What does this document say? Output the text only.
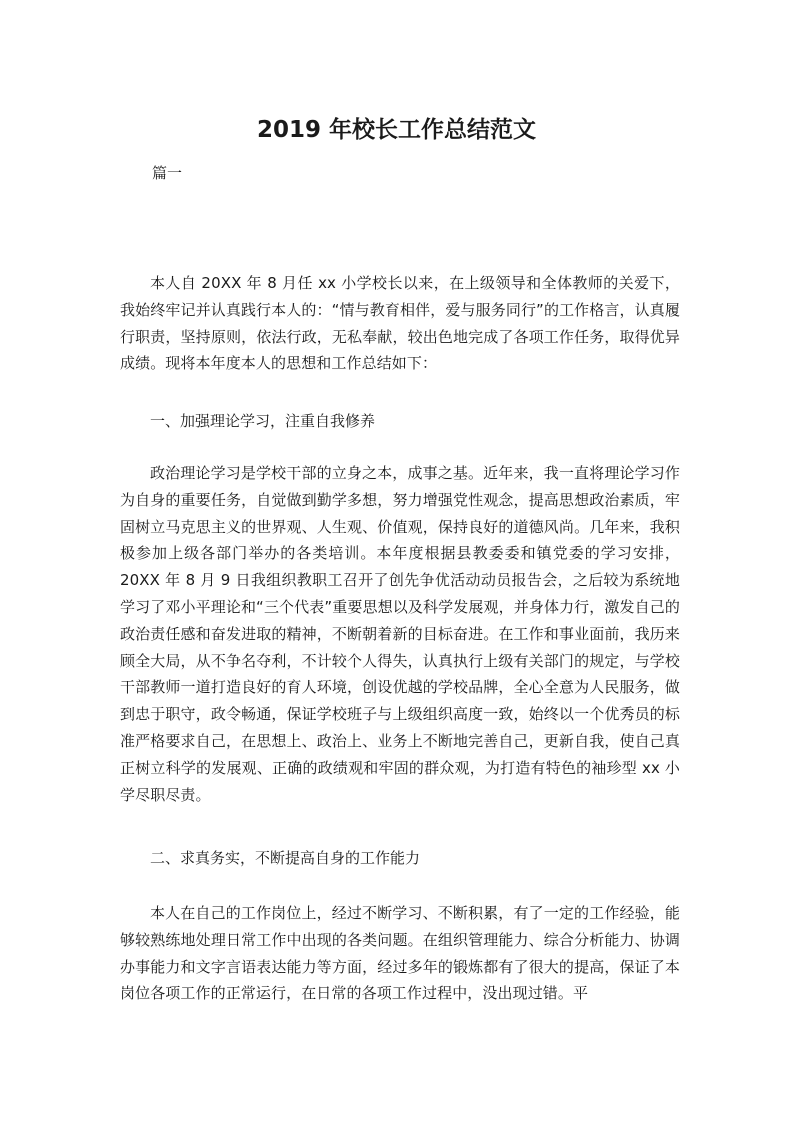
2019 年校长工作总结范文

篇一

本人自 20XX 年 8 月任 xx 小学校长以来，在上级领导和全体教师的关爱下，我始终牢记并认真践行本人的：“情与教育相伴，爱与服务同行”的工作格言，认真履行职责，坚持原则，依法行政，无私奉献，较出色地完成了各项工作任务，取得优异成绩。现将本年度本人的思想和工作总结如下：

一、加强理论学习，注重自我修养

政治理论学习是学校干部的立身之本，成事之基。近年来，我一直将理论学习作为自身的重要任务，自觉做到勤学多想，努力增强党性观念，提高思想政治素质，牢固树立马克思主义的世界观、人生观、价值观，保持良好的道德风尚。几年来，我积极参加上级各部门举办的各类培训。本年度根据县教委委和镇党委的学习安排，20XX 年 8 月 9 日我组织教职工召开了创先争优活动动员报告会，之后较为系统地学习了邓小平理论和“三个代表”重要思想以及科学发展观，并身体力行，激发自己的政治责任感和奋发进取的精神，不断朝着新的目标奋进。在工作和事业面前，我历来顾全大局，从不争名夺利，不计较个人得失，认真执行上级有关部门的规定，与学校干部教师一道打造良好的育人环境，创设优越的学校品牌，全心全意为人民服务，做到忠于职守，政令畅通，保证学校班子与上级组织高度一致，始终以一个优秀员的标准严格要求自己，在思想上、政治上、业务上不断地完善自己，更新自我，使自己真正树立科学的发展观、正确的政绩观和牢固的群众观，为打造有特色的袖珍型 xx 小学尽职尽责。

二、求真务实，不断提高自身的工作能力

本人在自己的工作岗位上，经过不断学习、不断积累，有了一定的工作经验，能够较熟练地处理日常工作中出现的各类问题。在组织管理能力、综合分析能力、协调办事能力和文字言语表达能力等方面，经过多年的锻炼都有了很大的提高，保证了本岗位各项工作的正常运行，在日常的各项工作过程中，没出现过错。平
